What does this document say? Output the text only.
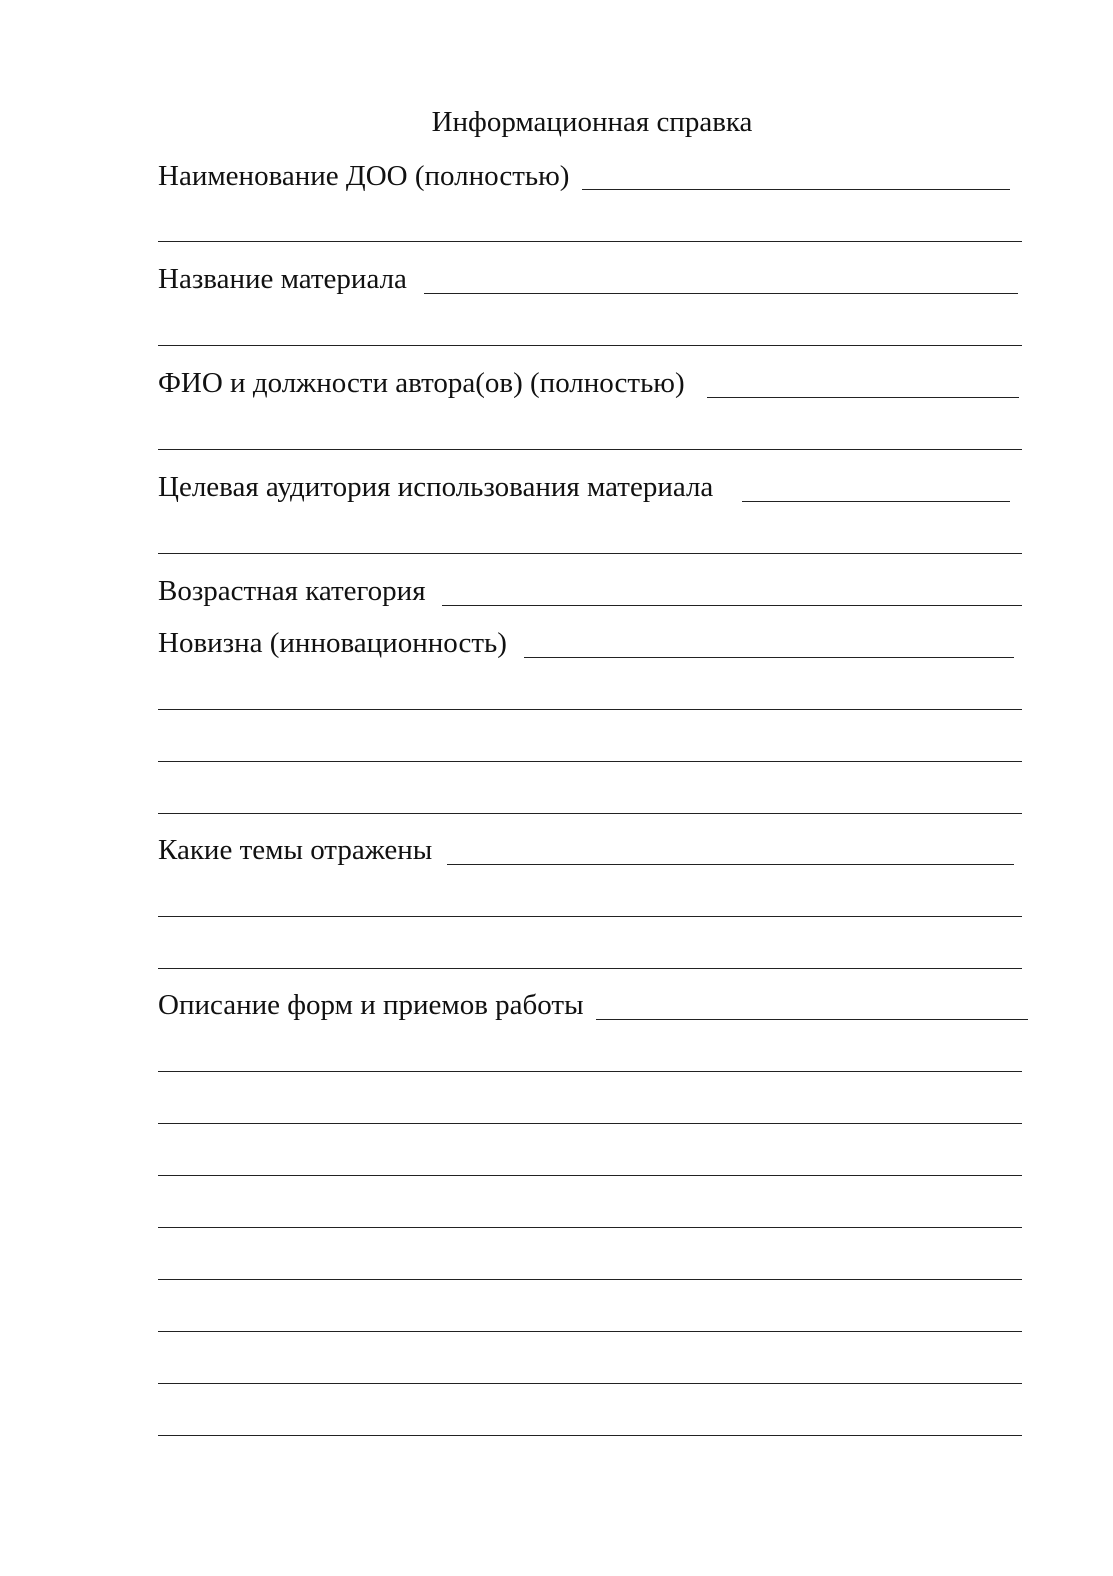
Информационная справка
Наименование ДОО (полностью)
Название материала
ФИО и должности автора(ов) (полностью)
Целевая аудитория использования материала
Возрастная категория
Новизна (инновационность)
Какие темы отражены
Описание форм и приемов работы
